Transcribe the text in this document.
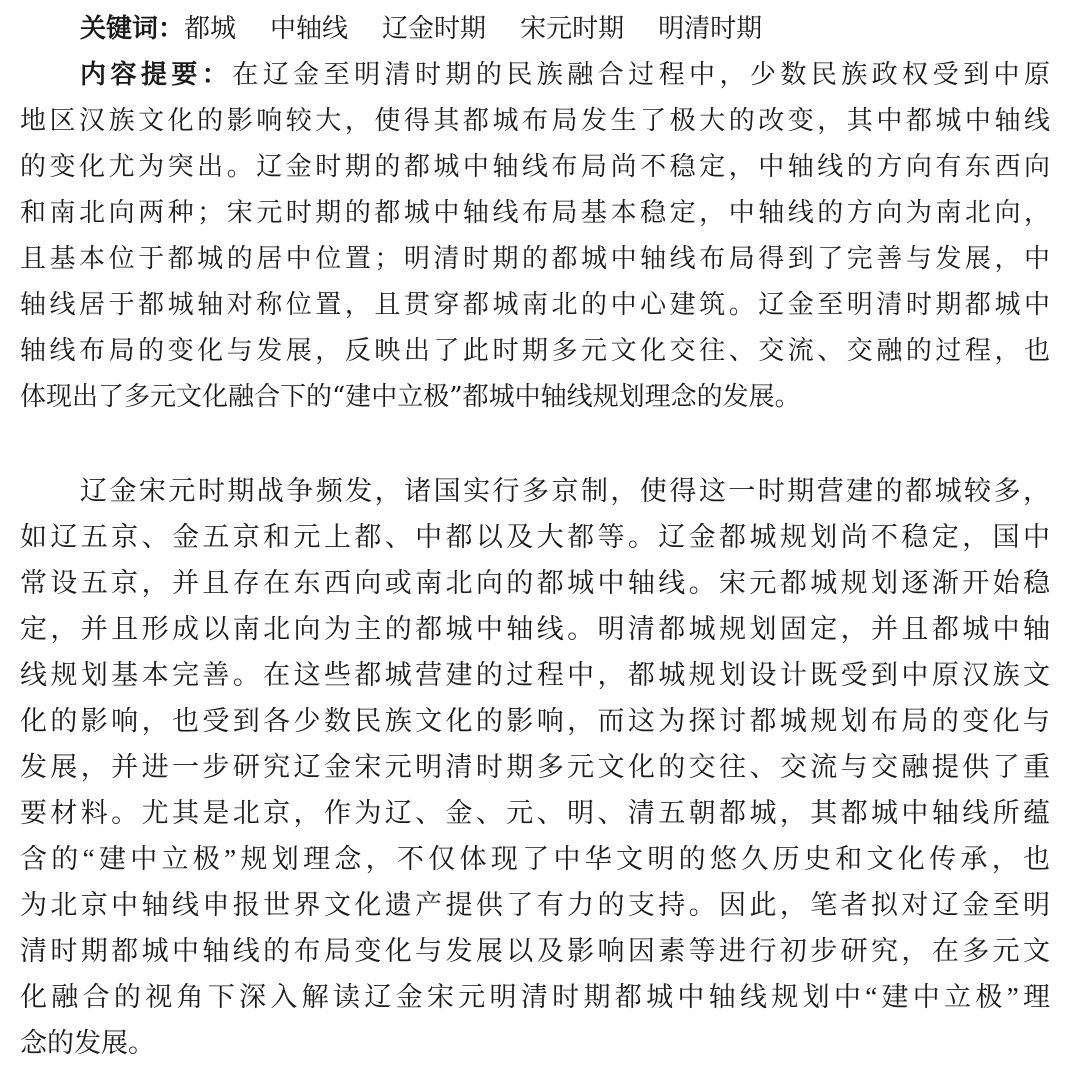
关键词：都城 中轴线 辽金时期 宋元时期 明清时期
内容提要：在辽金至明清时期的民族融合过程中，少数民族政权受到中原
地区汉族文化的影响较大，使得其都城布局发生了极大的改变，其中都城中轴线
的变化尤为突出。辽金时期的都城中轴线布局尚不稳定，中轴线的方向有东西向
和南北向两种；宋元时期的都城中轴线布局基本稳定，中轴线的方向为南北向，
且基本位于都城的居中位置；明清时期的都城中轴线布局得到了完善与发展，中
轴线居于都城轴对称位置，且贯穿都城南北的中心建筑。辽金至明清时期都城中
轴线布局的变化与发展，反映出了此时期多元文化交往、交流、交融的过程，也
体现出了多元文化融合下的“建中立极”都城中轴线规划理念的发展。
辽金宋元时期战争频发，诸国实行多京制，使得这一时期营建的都城较多，
如辽五京、金五京和元上都、中都以及大都等。辽金都城规划尚不稳定，国中
常设五京，并且存在东西向或南北向的都城中轴线。宋元都城规划逐渐开始稳
定，并且形成以南北向为主的都城中轴线。明清都城规划固定，并且都城中轴
线规划基本完善。在这些都城营建的过程中，都城规划设计既受到中原汉族文
化的影响，也受到各少数民族文化的影响，而这为探讨都城规划布局的变化与
发展，并进一步研究辽金宋元明清时期多元文化的交往、交流与交融提供了重
要材料。尤其是北京，作为辽、金、元、明、清五朝都城，其都城中轴线所蕴
含的“建中立极”规划理念，不仅体现了中华文明的悠久历史和文化传承，也
为北京中轴线申报世界文化遗产提供了有力的支持。因此，笔者拟对辽金至明
清时期都城中轴线的布局变化与发展以及影响因素等进行初步研究，在多元文
化融合的视角下深入解读辽金宋元明清时期都城中轴线规划中“建中立极”理
念的发展。
